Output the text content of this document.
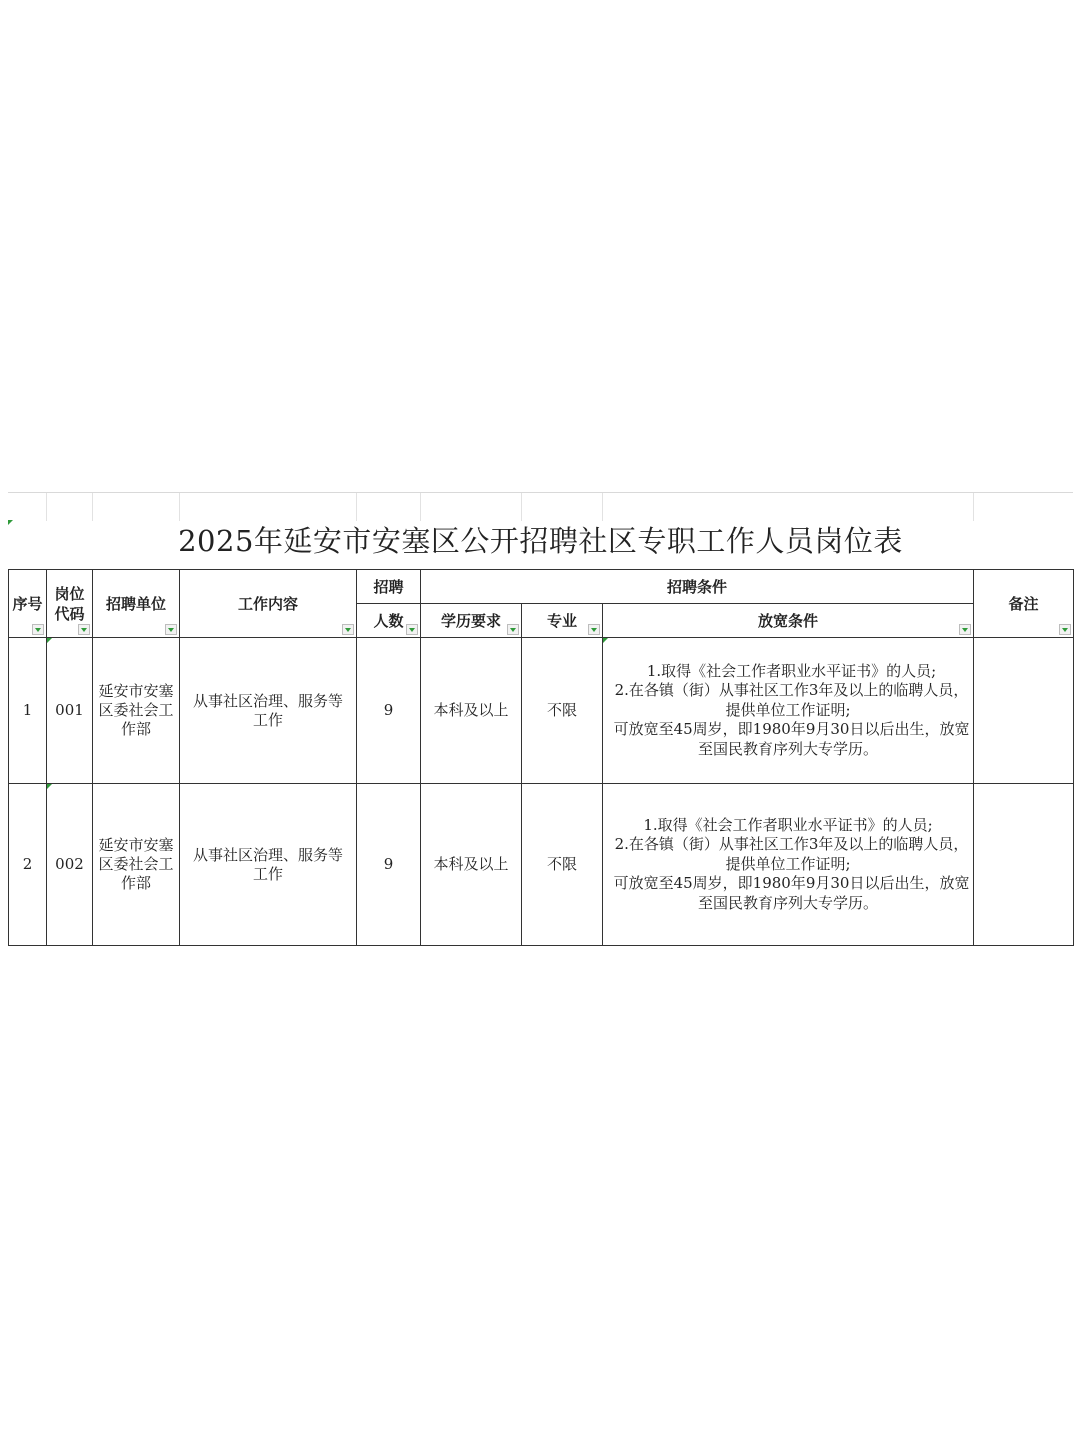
2025年延安市安塞区公开招聘社区专职工作人员岗位表
序号	岗位代码	招聘单位	工作内容	招聘	招聘条件			备注

				人数	学历要求	专业	放宽条件	

1	001	延安市安塞区委社会工作部	从事社区治理、服务等工作	9	本科及以上	不限	1.取得《社会工作者职业水平证书》的人员;
2.在各镇（街）从事社区工作3年及以上的临聘人员，提供单位工作证明;
可放宽至45周岁，即1980年9月30日以后出生，放宽至国民教育序列大专学历。	

2	002	延安市安塞区委社会工作部	从事社区治理、服务等工作	9	本科及以上	不限	1.取得《社会工作者职业水平证书》的人员;
2.在各镇（街）从事社区工作3年及以上的临聘人员，提供单位工作证明;
可放宽至45周岁，即1980年9月30日以后出生，放宽至国民教育序列大专学历。	
